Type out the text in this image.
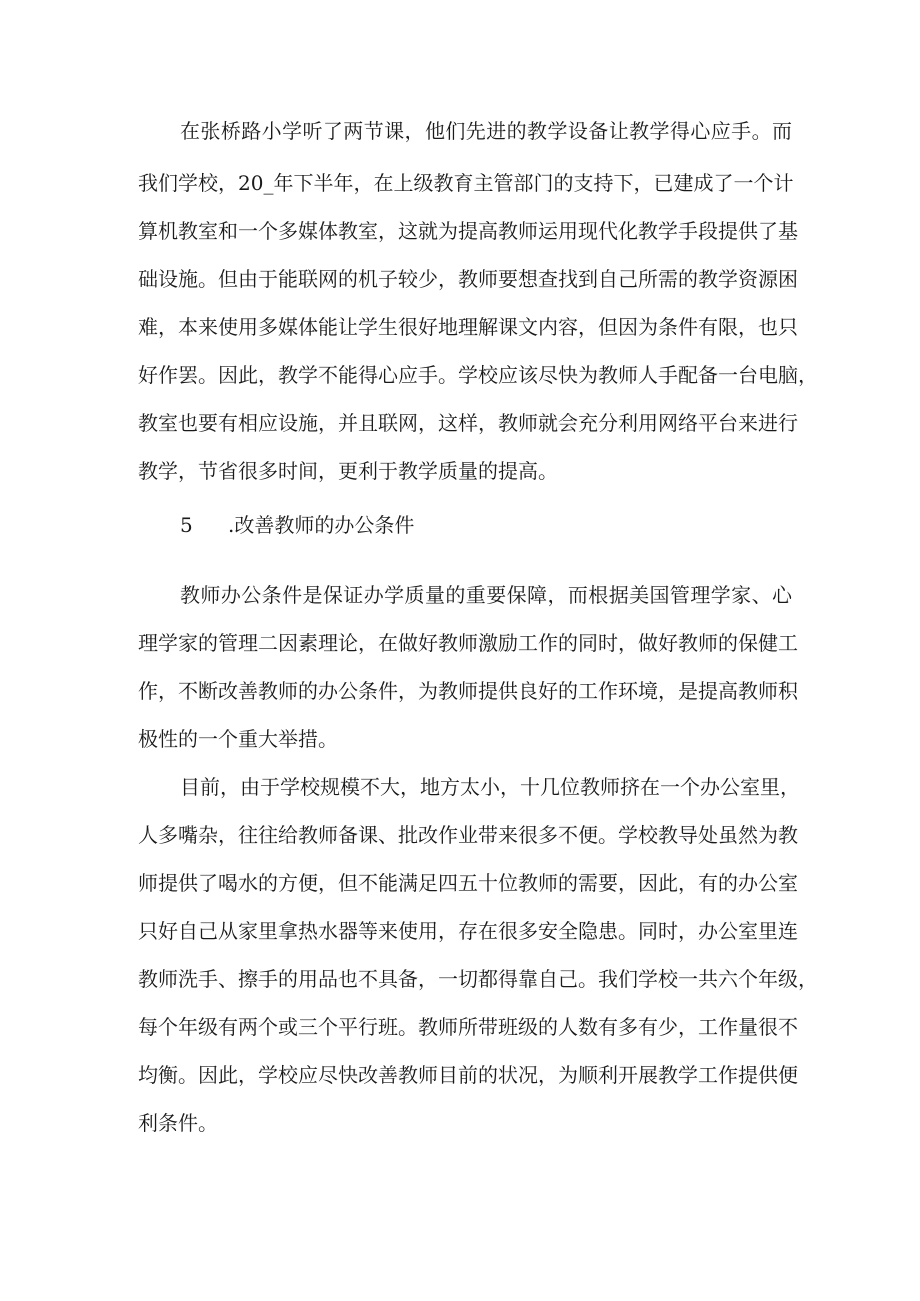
在张桥路小学听了两节课，他们先进的教学设备让教学得心应手。而
我们学校，20_年下半年，在上级教育主管部门的支持下，已建成了一个计
算机教室和一个多媒体教室，这就为提高教师运用现代化教学手段提供了基
础设施。但由于能联网的机子较少，教师要想查找到自己所需的教学资源困
难，本来使用多媒体能让学生很好地理解课文内容，但因为条件有限，也只
好作罢。因此，教学不能得心应手。学校应该尽快为教师人手配备一台电脑，
教室也要有相应设施，并且联网，这样，教师就会充分利用网络平台来进行
教学，节省很多时间，更利于教学质量的提高。
5 .改善教师的办公条件
教师办公条件是保证办学质量的重要保障，而根据美国管理学家、心
理学家的管理二因素理论，在做好教师激励工作的同时，做好教师的保健工
作，不断改善教师的办公条件，为教师提供良好的工作环境，是提高教师积
极性的一个重大举措。
目前，由于学校规模不大，地方太小，十几位教师挤在一个办公室里，
人多嘴杂，往往给教师备课、批改作业带来很多不便。学校教导处虽然为教
师提供了喝水的方便，但不能满足四五十位教师的需要，因此，有的办公室
只好自己从家里拿热水器等来使用，存在很多安全隐患。同时，办公室里连
教师洗手、擦手的用品也不具备，一切都得靠自己。我们学校一共六个年级，
每个年级有两个或三个平行班。教师所带班级的人数有多有少，工作量很不
均衡。因此，学校应尽快改善教师目前的状况，为顺利开展教学工作提供便
利条件。
